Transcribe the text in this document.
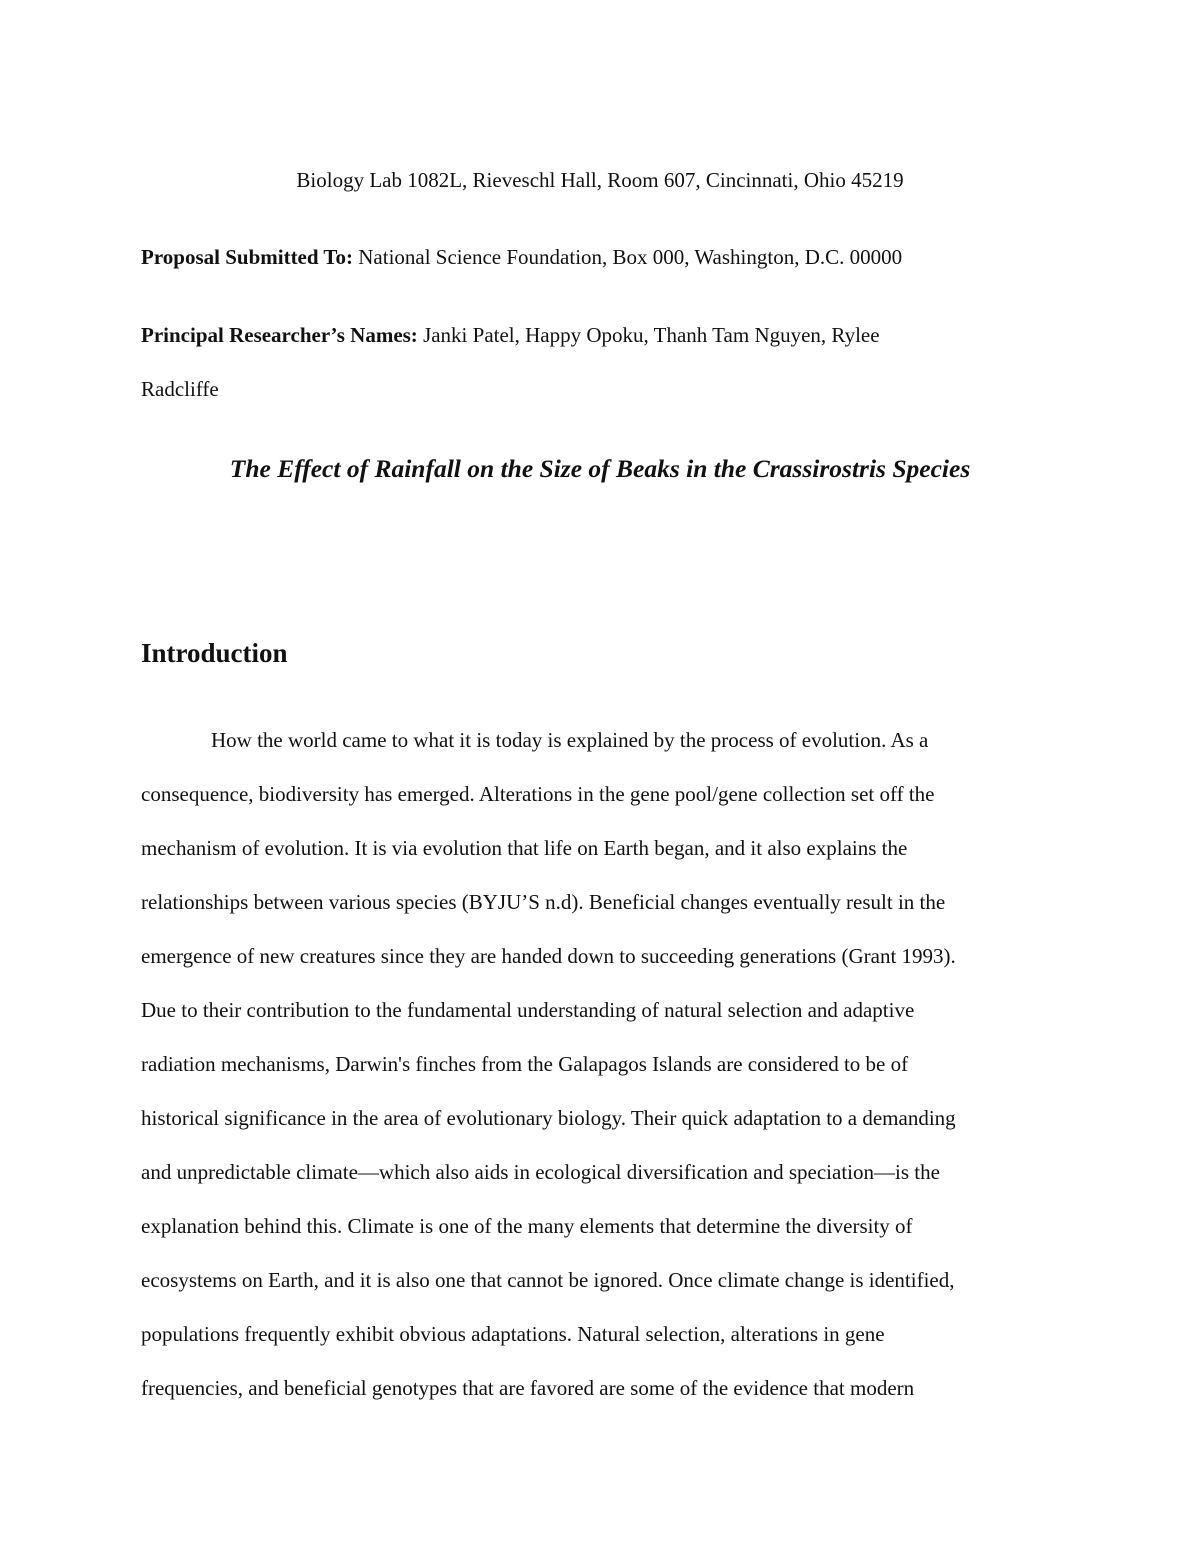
Biology Lab 1082L, Rieveschl Hall, Room 607, Cincinnati, Ohio 45219
Proposal Submitted To: National Science Foundation, Box 000, Washington, D.C. 00000
Principal Researcher’s Names: Janki Patel, Happy Opoku, Thanh Tam Nguyen, Rylee
Radcliffe
The Effect of Rainfall on the Size of Beaks in the Crassirostris Species
Introduction
How the world came to what it is today is explained by the process of evolution. As a
consequence, biodiversity has emerged. Alterations in the gene pool/gene collection set off the
mechanism of evolution. It is via evolution that life on Earth began, and it also explains the
relationships between various species (BYJU’S n.d). Beneficial changes eventually result in the
emergence of new creatures since they are handed down to succeeding generations (Grant 1993).
Due to their contribution to the fundamental understanding of natural selection and adaptive
radiation mechanisms, Darwin's finches from the Galapagos Islands are considered to be of
historical significance in the area of evolutionary biology. Their quick adaptation to a demanding
and unpredictable climate—which also aids in ecological diversification and speciation—is the
explanation behind this. Climate is one of the many elements that determine the diversity of
ecosystems on Earth, and it is also one that cannot be ignored. Once climate change is identified,
populations frequently exhibit obvious adaptations. Natural selection, alterations in gene
frequencies, and beneficial genotypes that are favored are some of the evidence that modern
